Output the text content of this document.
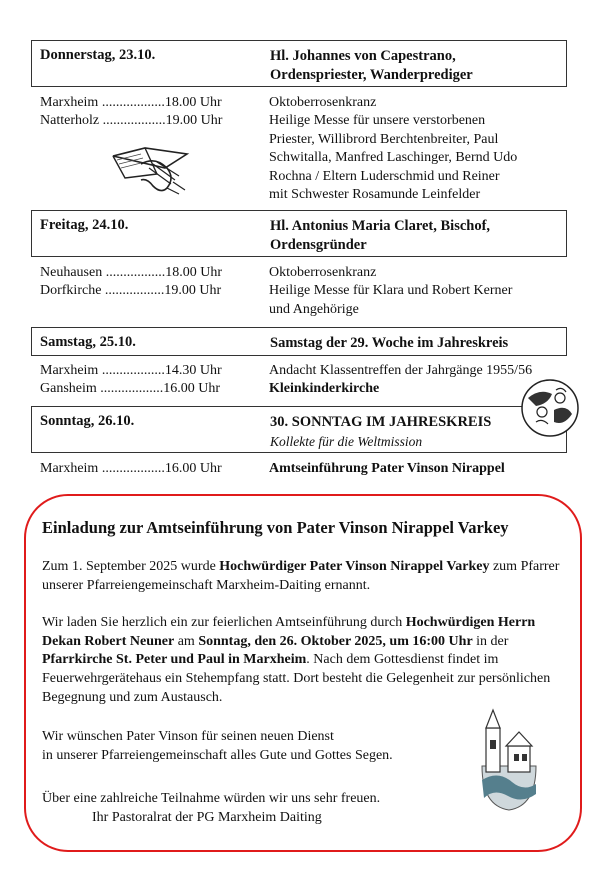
Donnerstag, 23.10.	Hl. Johannes von Capestrano,
Ordenspriester, Wanderprediger
Marxheim ..................18.00 Uhr	Oktoberrosenkranz
Natterholz ..................19.00 Uhr	Heilige Messe für unsere verstorbenen
Priester, Willibrord Berchtenbreiter, Paul
Schwitalla, Manfred Laschinger, Bernd Udo
Rochna / Eltern Luderschmid und Reiner
mit Schwester Rosamunde Leinfelder
Freitag, 24.10.	Hl. Antonius Maria Claret, Bischof,
Ordensgründer
Neuhausen .................18.00 Uhr	Oktoberrosenkranz
Dorfkirche .................19.00 Uhr	Heilige Messe für Klara und Robert Kerner
und Angehörige
Samstag, 25.10.	Samstag der 29. Woche im Jahreskreis
Marxheim ..................14.30 Uhr	Andacht Klassentreffen der Jahrgänge 1955/56
Gansheim ..................16.00 Uhr	Kleinkinderkirche
Sonntag, 26.10.	30. SONNTAG IM JAHRESKREIS
Kollekte für die Weltmission
Marxheim ..................16.00 Uhr	Amtseinführung Pater Vinson Nirappel
Einladung zur Amtseinführung von Pater Vinson Nirappel Varkey

Zum 1. September 2025 wurde Hochwürdiger Pater Vinson Nirappel Varkey zum Pfarrer unserer Pfarreiengemeinschaft Marxheim-Daiting ernannt.

Wir laden Sie herzlich ein zur feierlichen Amtseinführung durch Hochwürdigen Herrn Dekan Robert Neuner am Sonntag, den 26. Oktober 2025, um 16:00 Uhr in der Pfarrkirche St. Peter und Paul in Marxheim. Nach dem Gottesdienst findet im Feuerwehrgerätehaus ein Stehempfang statt. Dort besteht die Gelegenheit zur persönlichen Begegnung und zum Austausch.

Wir wünschen Pater Vinson für seinen neuen Dienst
in unserer Pfarreiengemeinschaft alles Gute und Gottes Segen.

Über eine zahlreiche Teilnahme würden wir uns sehr freuen.

Ihr Pastoralrat der PG Marxheim Daiting
